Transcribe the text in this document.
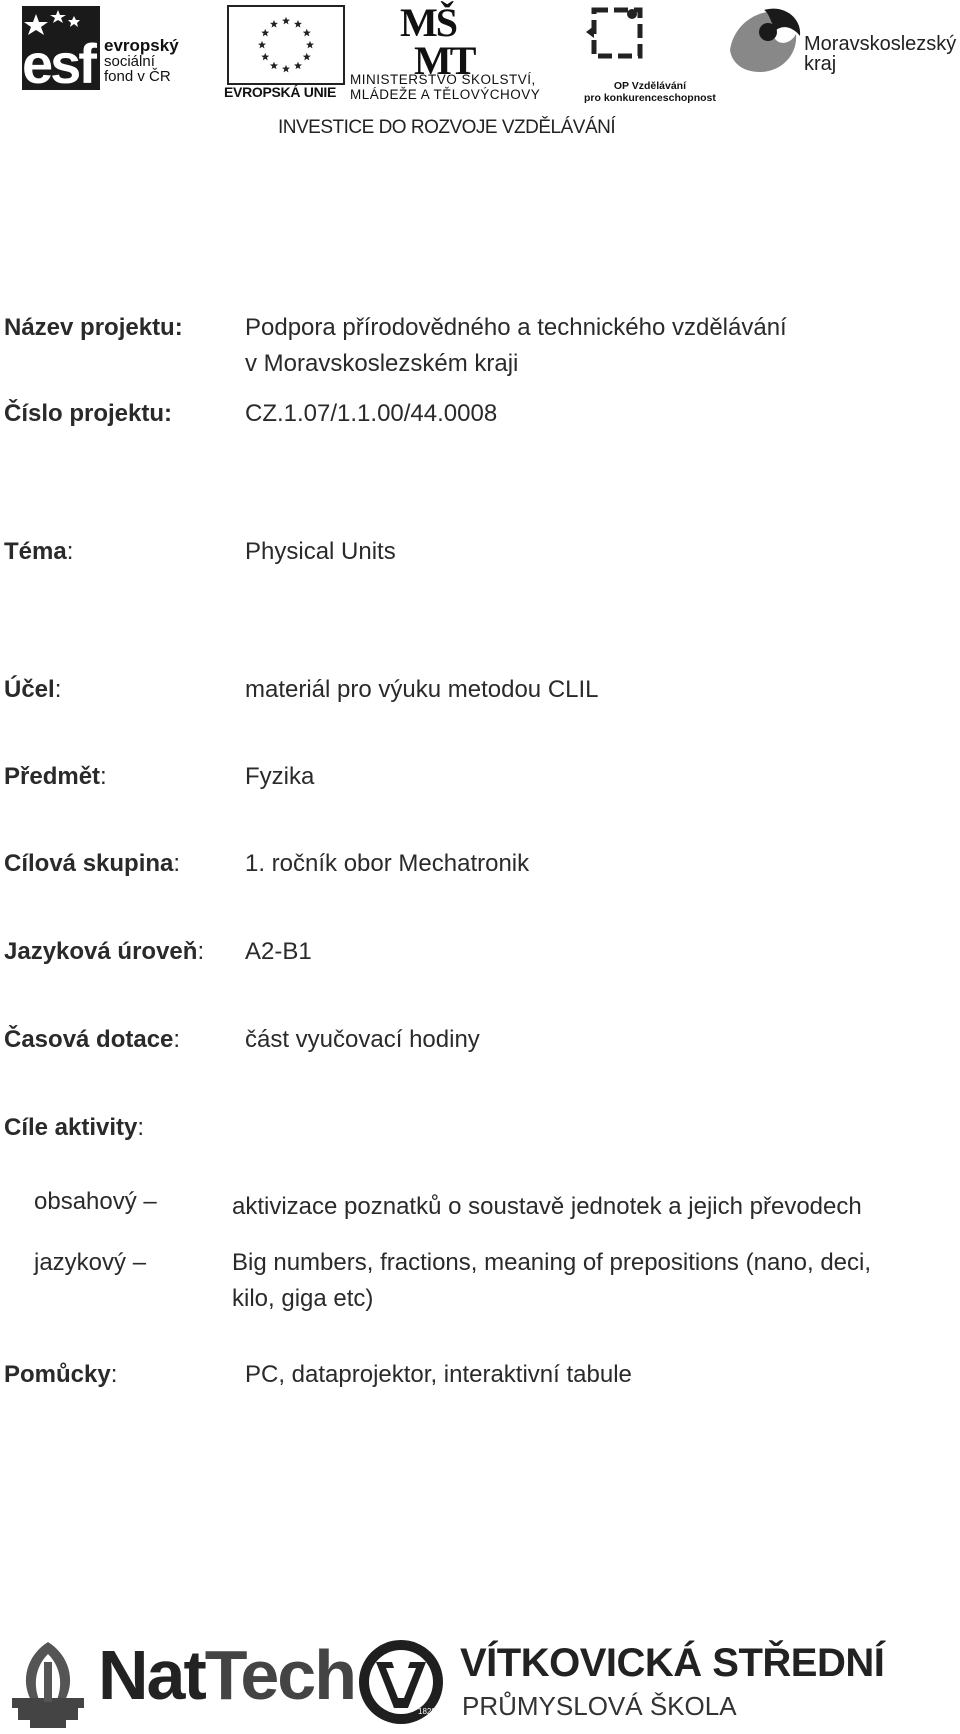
esf evropský
sociální
fond v ČR
EVROPSKÁ UNIE
MŠ
MT
MINISTERSTVO ŠKOLSTVÍ,
MLÁDEŽE A TĚLOVÝCHOVY
OP Vzdělávání
pro konkurenceschopnost
Moravskoslezský
kraj
INVESTICE DO ROZVOJE VZDĚLÁVÁNÍ
Název projektu:	Podpora přírodovědného a technického vzdělávání
v Moravskoslezském kraji
Číslo projektu:	CZ.1.07/1.1.00/44.0008
Téma:	Physical Units
Účel:	materiál pro výuku metodou CLIL
Předmět:	Fyzika
Cílová skupina:	1. ročník obor Mechatronik
Jazyková úroveň: A2-B1
Časová dotace:	část vyučovací hodiny
Cíle aktivity:
obsahový –	aktivizace poznatků o soustavě jednotek a jejich převodech
jazykový –	Big numbers, fractions, meaning of prepositions (nano, deci,
kilo, giga etc)
Pomůcky:	PC, dataprojektor, interaktivní tabule
NatTech	1828
VÍTKOVICKÁ STŘEDNÍ
PRŮMYSLOVÁ ŠKOLA
